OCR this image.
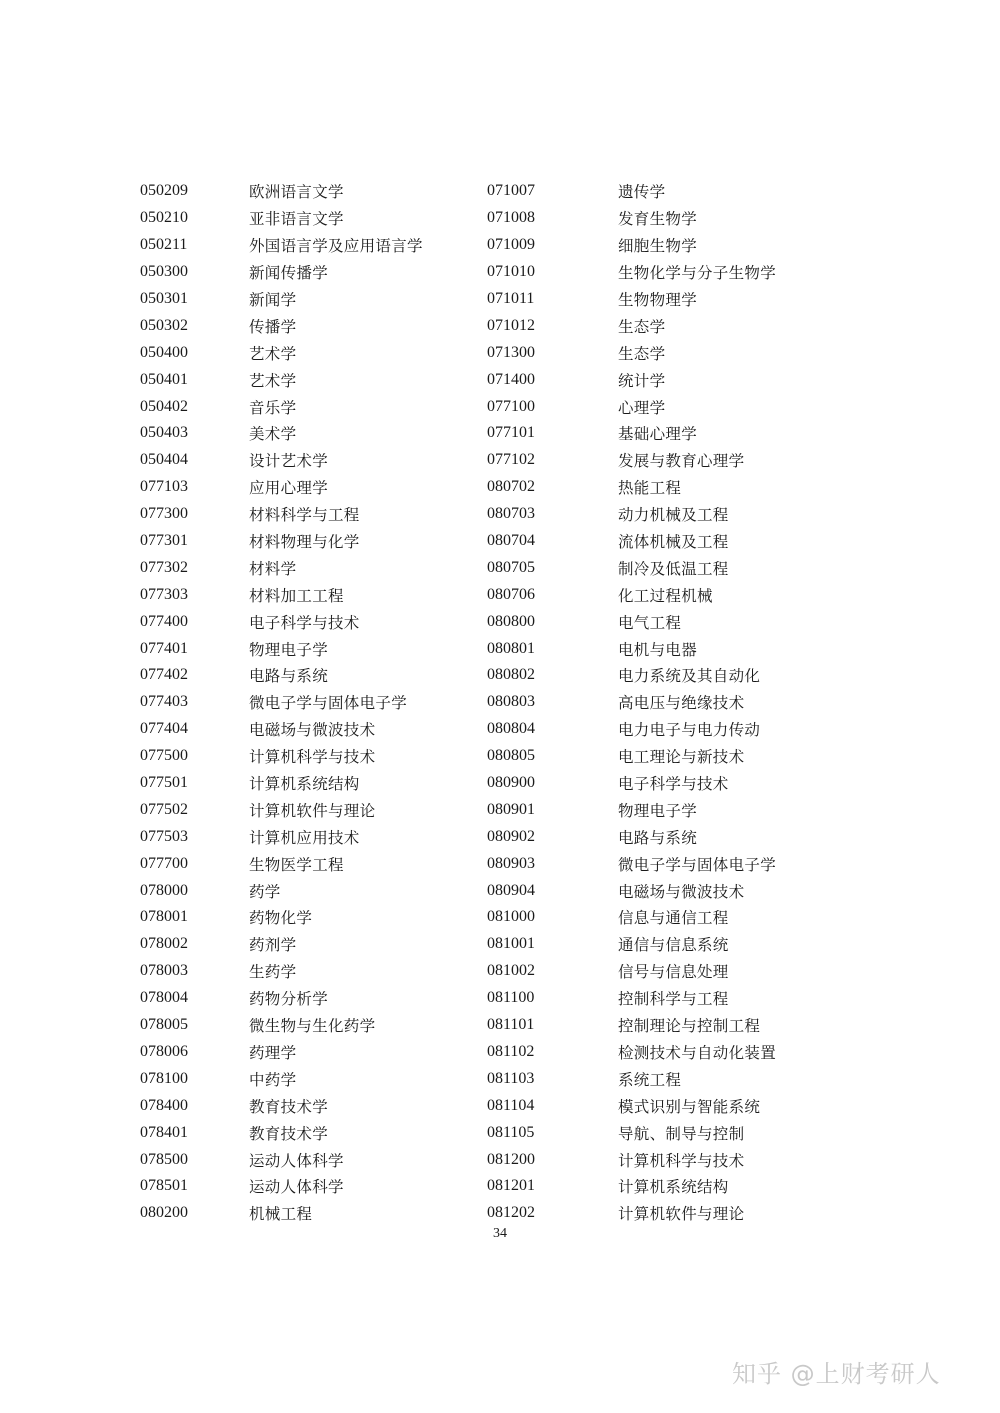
050209	欧洲语言文学
050210	亚非语言文学
050211	外国语言学及应用语言学
050300	新闻传播学
050301	新闻学
050302	传播学
050400	艺术学
050401	艺术学
050402	音乐学
050403	美术学
050404	设计艺术学
077103	应用心理学
077300	材料科学与工程
077301	材料物理与化学
077302	材料学
077303	材料加工工程
077400	电子科学与技术
077401	物理电子学
077402	电路与系统
077403	微电子学与固体电子学
077404	电磁场与微波技术
077500	计算机科学与技术
077501	计算机系统结构
077502	计算机软件与理论
077503	计算机应用技术
077700	生物医学工程
078000	药学
078001	药物化学
078002	药剂学
078003	生药学
078004	药物分析学
078005	微生物与生化药学
078006	药理学
078100	中药学
078400	教育技术学
078401	教育技术学
078500	运动人体科学
078501	运动人体科学
080200	机械工程
071007	遗传学
071008	发育生物学
071009	细胞生物学
071010	生物化学与分子生物学
071011	生物物理学
071012	生态学
071300	生态学
071400	统计学
077100	心理学
077101	基础心理学
077102	发展与教育心理学
080702	热能工程
080703	动力机械及工程
080704	流体机械及工程
080705	制冷及低温工程
080706	化工过程机械
080800	电气工程
080801	电机与电器
080802	电力系统及其自动化
080803	高电压与绝缘技术
080804	电力电子与电力传动
080805	电工理论与新技术
080900	电子科学与技术
080901	物理电子学
080902	电路与系统
080903	微电子学与固体电子学
080904	电磁场与微波技术
081000	信息与通信工程
081001	通信与信息系统
081002	信号与信息处理
081100	控制科学与工程
081101	控制理论与控制工程
081102	检测技术与自动化装置
081103	系统工程
081104	模式识别与智能系统
081105	导航、制导与控制
081200	计算机科学与技术
081201	计算机系统结构
081202	计算机软件与理论
34
知乎 @上财考研人
